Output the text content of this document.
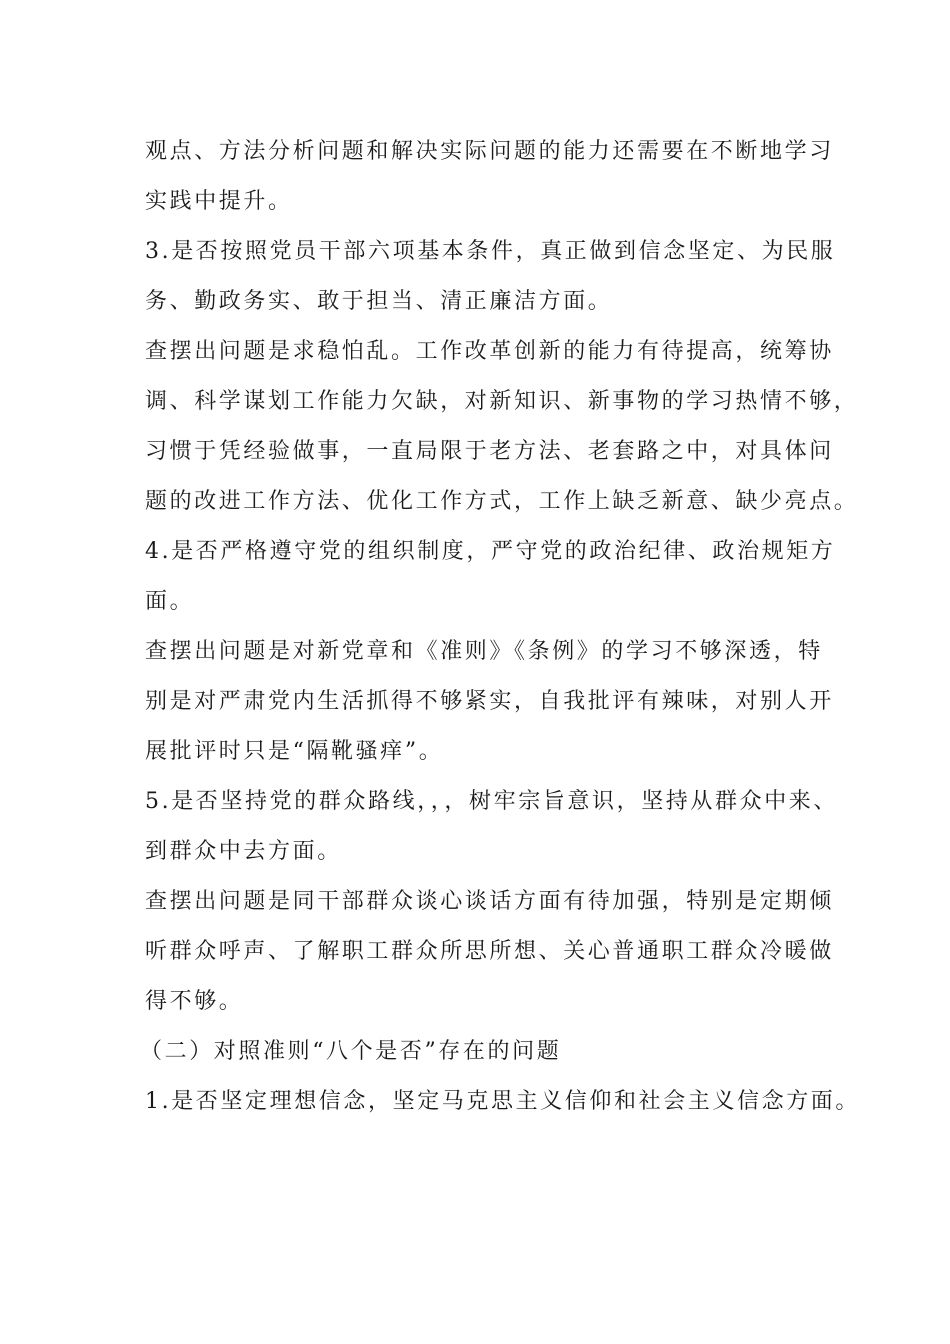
观点、方法分析问题和解决实际问题的能力还需要在不断地学习
实践中提升。
3.是否按照党员干部六项基本条件，真正做到信念坚定、为民服
务、勤政务实、敢于担当、清正廉洁方面。
查摆出问题是求稳怕乱。工作改革创新的能力有待提高，统筹协
调、科学谋划工作能力欠缺，对新知识、新事物的学习热情不够，
习惯于凭经验做事，一直局限于老方法、老套路之中，对具体问
题的改进工作方法、优化工作方式，工作上缺乏新意、缺少亮点。
4.是否严格遵守党的组织制度，严守党的政治纪律、政治规矩方
面。
查摆出问题是对新党章和《准则》《条例》的学习不够深透，特
别是对严肃党内生活抓得不够紧实，自我批评有辣味，对别人开
展批评时只是“隔靴骚痒”。
5.是否坚持党的群众路线，，，树牢宗旨意识，坚持从群众中来、
到群众中去方面。
查摆出问题是同干部群众谈心谈话方面有待加强，特别是定期倾
听群众呼声、了解职工群众所思所想、关心普通职工群众冷暖做
得不够。
（二）对照准则“八个是否”存在的问题
1.是否坚定理想信念，坚定马克思主义信仰和社会主义信念方面。
